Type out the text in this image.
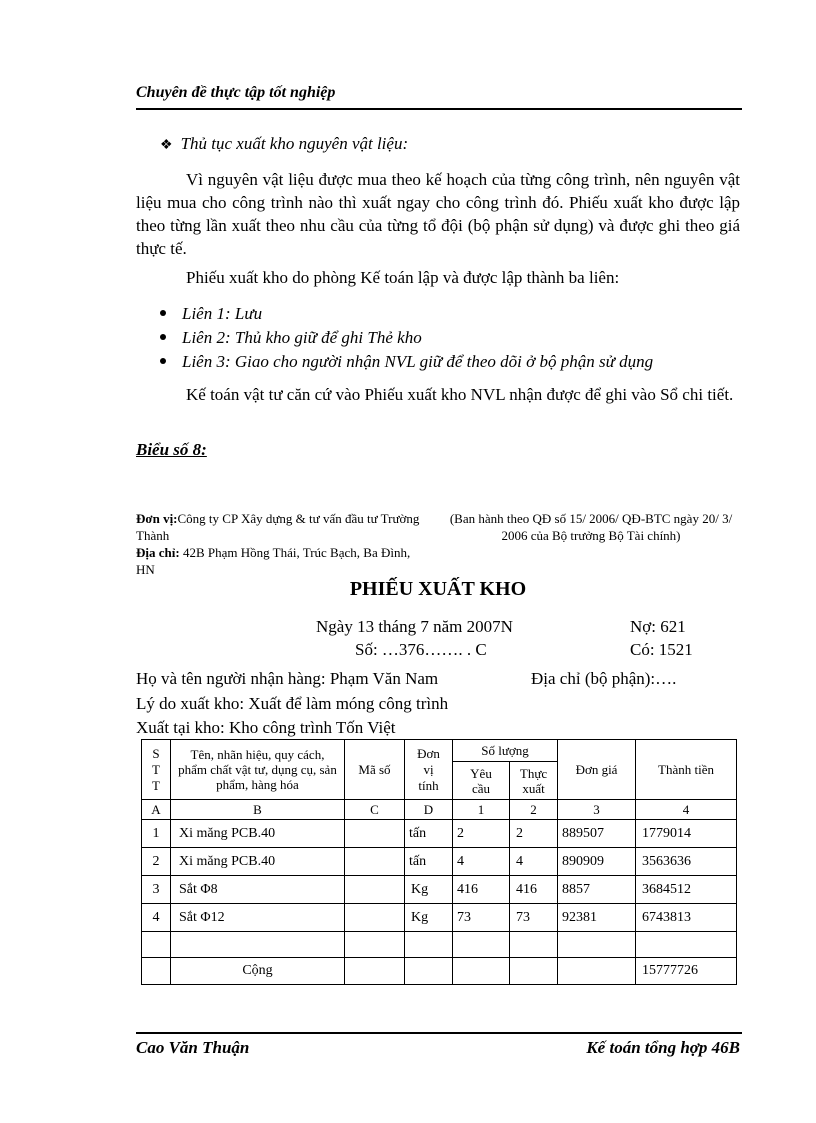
Chuyên đề thực tập tốt nghiệp
❖ Thủ tục xuất kho nguyên vật liệu:
Vì nguyên vật liệu được mua theo kế hoạch của từng công trình, nên nguyên vật liệu mua cho công trình nào thì xuất ngay cho công trình đó. Phiếu xuất kho được lập theo từng lần xuất theo nhu cầu của từng tổ đội (bộ phận sử dụng) và được ghi theo giá thực tế.
Phiếu xuất kho do phòng Kế toán lập và được lập thành ba liên:
Liên 1: Lưu
Liên 2: Thủ kho giữ để ghi Thẻ kho
Liên 3: Giao cho người nhận NVL giữ để theo dõi ở bộ phận sử dụng
Kế toán vật tư căn cứ vào Phiếu xuất kho NVL nhận được để ghi vào Sổ chi tiết.
Biểu số 8:
Đơn vị:Công ty CP Xây dựng & tư vấn đầu tư Trường Thành
Địa chỉ: 42B Phạm Hồng Thái, Trúc Bạch, Ba Đình, HN
(Ban hành theo QĐ số 15/ 2006/ QĐ-BTC ngày 20/ 3/ 2006 của Bộ trưởng Bộ Tài chính)
PHIẾU XUẤT KHO
Ngày 13 tháng 7 năm 2007N	Nợ: 621
Số: …376……. . C	Có: 1521
Họ và tên người nhận hàng: Phạm Văn Nam	Địa chỉ (bộ phận):….
Lý do xuất kho: Xuất để làm móng công trình
Xuất tại kho: Kho công trình Tốn Việt
S T T	Tên, nhãn hiệu, quy cách, phẩm chất vật tư, dụng cụ, sản phẩm, hàng hóa	Mã số	Đơn vị tính	Số lượng		Đơn giá	Thành tiền
				Yêu cầu	Thực xuất		
A	B	C	D	1	2	3	4
1	Xi măng PCB.40		tấn	2	2	889507	1779014
2	Xi măng PCB.40		tấn	4	4	890909	3563636
3	Sắt Φ8		Kg	416	416	8857	3684512
4	Sắt Φ12		Kg	73	73	92381	6743813

	Cộng						15777726
Cao Văn Thuận	Kế toán tổng hợp 46B
